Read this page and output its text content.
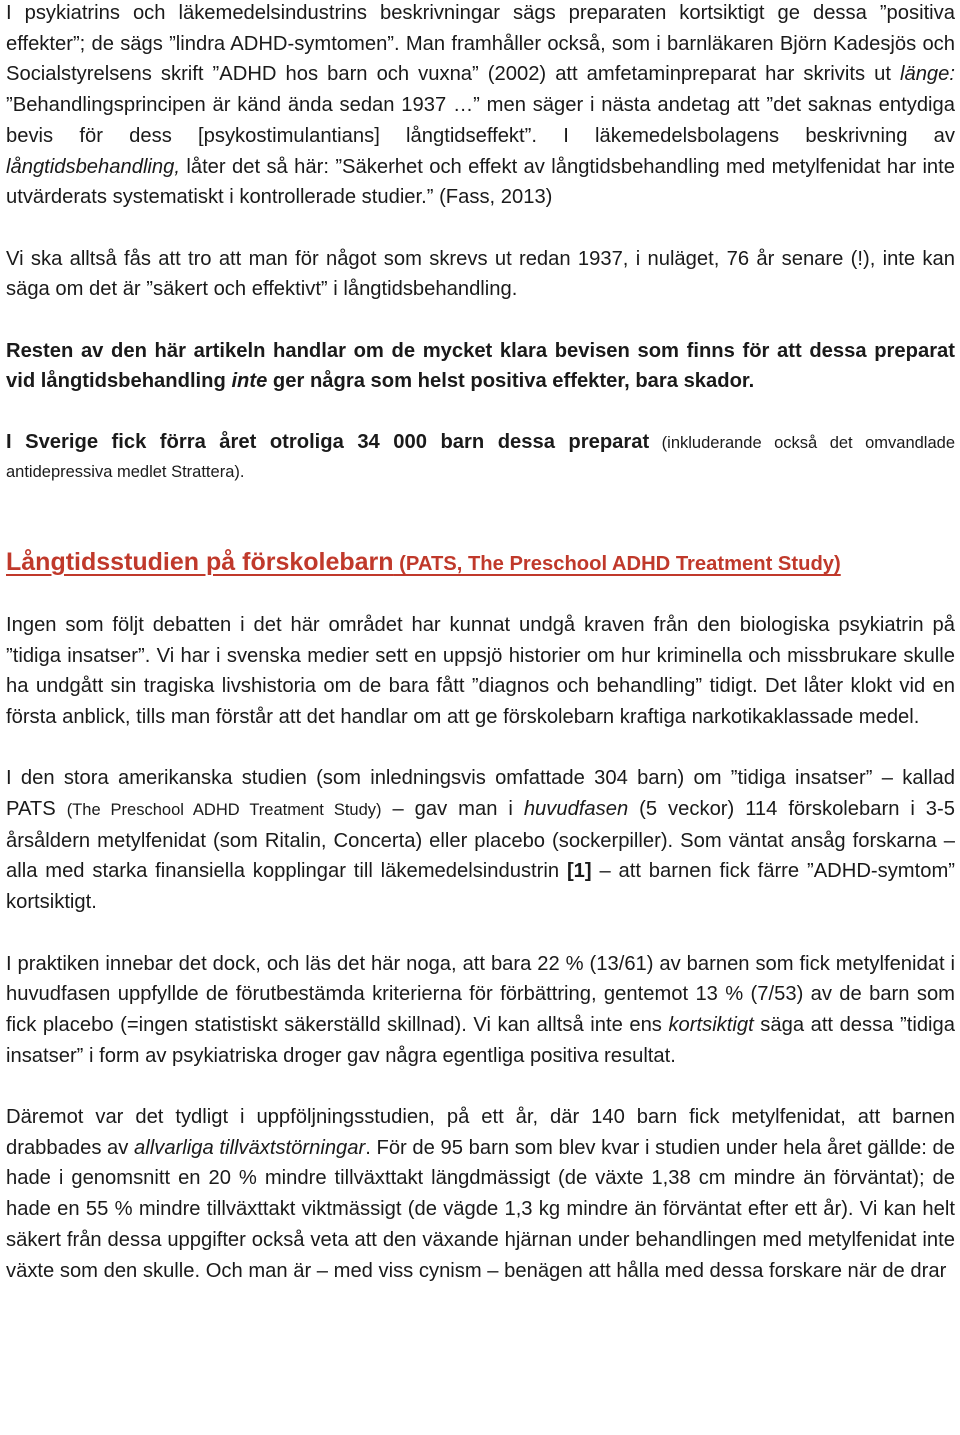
I psykiatrins och läkemedelsindustrins beskrivningar sägs preparaten kortsiktigt ge dessa ”positiva effekter”; de sägs ”lindra ADHD-symtomen”. Man framhåller också, som i barnläkaren Björn Kadesjös och Socialstyrelsens skrift ”ADHD hos barn och vuxna” (2002) att amfetaminpreparat har skrivits ut länge: ”Behandlingsprincipen är känd ända sedan 1937 …” men säger i nästa andetag att ”det saknas entydiga bevis för dess [psykostimulantians] långtidseffekt”. I läkemedelsbolagens beskrivning av långtidsbehandling, låter det så här: ”Säkerhet och effekt av långtidsbehandling med metylfenidat har inte utvärderats systematiskt i kontrollerade studier.” (Fass, 2013)

Vi ska alltså fås att tro att man för något som skrevs ut redan 1937, i nuläget, 76 år senare (!), inte kan säga om det är ”säkert och effektivt” i långtidsbehandling.

Resten av den här artikeln handlar om de mycket klara bevisen som finns för att dessa preparat vid långtidsbehandling inte ger några som helst positiva effekter, bara skador.

I Sverige fick förra året otroliga 34 000 barn dessa preparat (inkluderande också det omvandlade antidepressiva medlet Strattera).

Långtidsstudien på förskolebarn (PATS, The Preschool ADHD Treatment Study)

Ingen som följt debatten i det här området har kunnat undgå kraven från den biologiska psykiatrin på ”tidiga insatser”. Vi har i svenska medier sett en uppsjö historier om hur kriminella och missbrukare skulle ha undgått sin tragiska livshistoria om de bara fått ”diagnos och behandling” tidigt. Det låter klokt vid en första anblick, tills man förstår att det handlar om att ge förskolebarn kraftiga narkotikaklassade medel.

I den stora amerikanska studien (som inledningsvis omfattade 304 barn) om ”tidiga insatser” – kallad PATS (The Preschool ADHD Treatment Study) – gav man i huvudfasen (5 veckor) 114 förskolebarn i 3-5 årsåldern metylfenidat (som Ritalin, Concerta) eller placebo (sockerpiller). Som väntat ansåg forskarna – alla med starka finansiella kopplingar till läkemedelsindustrin [1] – att barnen fick färre ”ADHD-symtom” kortsiktigt.

I praktiken innebar det dock, och läs det här noga, att bara 22 % (13/61) av barnen som fick metylfenidat i huvudfasen uppfyllde de förutbestämda kriterierna för förbättring, gentemot 13 % (7/53) av de barn som fick placebo (=ingen statistiskt säkerställd skillnad). Vi kan alltså inte ens kortsiktigt säga att dessa ”tidiga insatser” i form av psykiatriska droger gav några egentliga positiva resultat.

Däremot var det tydligt i uppföljningsstudien, på ett år, där 140 barn fick metylfenidat, att barnen drabbades av allvarliga tillväxtstörningar. För de 95 barn som blev kvar i studien under hela året gällde: de hade i genomsnitt en 20 % mindre tillväxttakt längdmässigt (de växte 1,38 cm mindre än förväntat); de hade en 55 % mindre tillväxttakt viktmässigt (de vägde 1,3 kg mindre än förväntat efter ett år). Vi kan helt säkert från dessa uppgifter också veta att den växande hjärnan under behandlingen med metylfenidat inte växte som den skulle. Och man är – med viss cynism – benägen att hålla med dessa forskare när de drar
